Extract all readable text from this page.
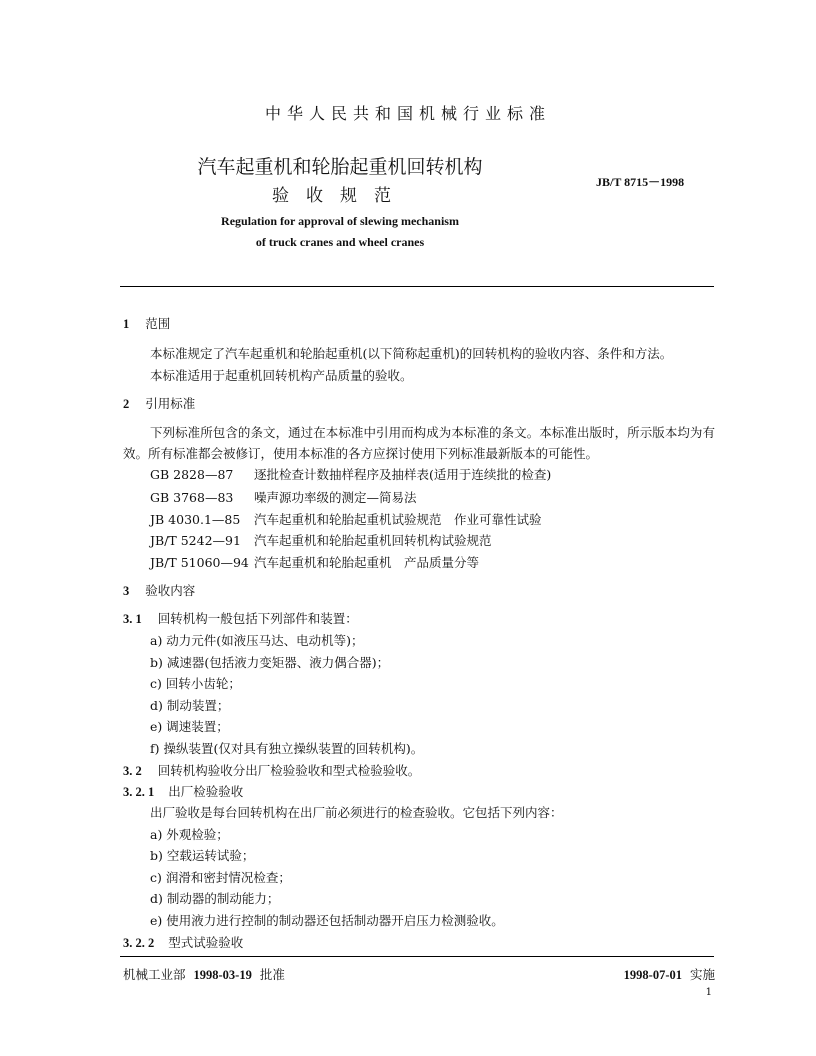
中华人民共和国机械行业标准
汽车起重机和轮胎起重机回转机构
验收规范
JB/T 8715－1998
Regulation for approval of slewing mechanism
of truck cranes and wheel cranes
1 范围
本标准规定了汽车起重机和轮胎起重机(以下简称起重机)的回转机构的验收内容、条件和方法。
本标准适用于起重机回转机构产品质量的验收。
2 引用标准
下列标准所包含的条文，通过在本标准中引用而构成为本标准的条文。本标准出版时，所示版本均为有效。所有标准都会被修订，使用本标准的各方应探讨使用下列标准最新版本的可能性。
GB 2828—87 逐批检查计数抽样程序及抽样表(适用于连续批的检查)
GB 3768—83 噪声源功率级的测定—简易法
JB 4030.1—85 汽车起重机和轮胎起重机试验规范　作业可靠性试验
JB/T 5242—91 汽车起重机和轮胎起重机回转机构试验规范
JB/T 51060—94 汽车起重机和轮胎起重机　产品质量分等
3 验收内容
3. 1 回转机构一般包括下列部件和装置：
a) 动力元件(如液压马达、电动机等)；
b) 减速器(包括液力变矩器、液力偶合器)；
c) 回转小齿轮；
d) 制动装置；
e) 调速装置；
f) 操纵装置(仅对具有独立操纵装置的回转机构)。
3. 2 回转机构验收分出厂检验验收和型式检验验收。
3. 2. 1 出厂检验验收
出厂验收是每台回转机构在出厂前必须进行的检查验收。它包括下列内容：
a) 外观检验；
b) 空载运转试验；
c) 润滑和密封情况检查；
d) 制动器的制动能力；
e) 使用液力进行控制的制动器还包括制动器开启压力检测验收。
3. 2. 2 型式试验验收
机械工业部 1998-03-19 批准	1998-07-01 实施
1
